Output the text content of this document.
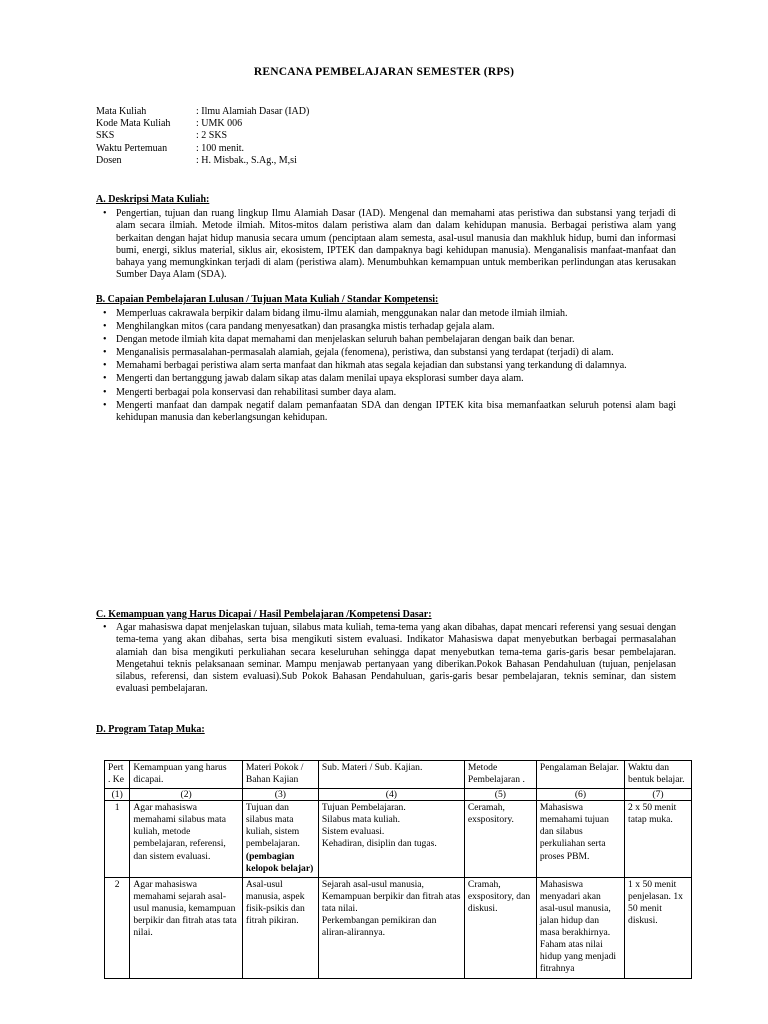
RENCANA PEMBELAJARAN SEMESTER (RPS)
Mata Kuliah	: Ilmu Alamiah Dasar (IAD)
Kode Mata Kuliah	: UMK 006
SKS	: 2 SKS
Waktu Pertemuan	: 100 menit.
Dosen	: H. Misbak., S.Ag., M,si
A. Deskripsi Mata Kuliah:
• Pengertian, tujuan dan ruang lingkup Ilmu Alamiah Dasar (IAD). Mengenal dan memahami atas peristiwa dan substansi yang terjadi di alam secara ilmiah. Metode ilmiah. Mitos-mitos dalam peristiwa alam dan dalam kehidupan manusia. Berbagai peristiwa alam yang berkaitan dengan hajat hidup manusia secara umum (penciptaan alam semesta, asal-usul manusia dan makhluk hidup, bumi dan informasi bumi, energi, siklus material, siklus air, ekosistem, IPTEK dan dampaknya bagi kehidupan manusia). Menganalisis manfaat-manfaat dan bahaya yang memungkinkan terjadi di alam (peristiwa alam). Menumbuhkan kemampuan untuk memberikan perlindungan atas kerusakan Sumber Daya Alam (SDA).
B. Capaian Pembelajaran Lulusan / Tujuan Mata Kuliah / Standar Kompetensi:
• Memperluas cakrawala berpikir dalam bidang ilmu-ilmu alamiah, menggunakan nalar dan metode ilmiah ilmiah.
• Menghilangkan mitos (cara pandang menyesatkan) dan prasangka mistis terhadap gejala alam.
• Dengan metode ilmiah kita dapat memahami dan menjelaskan seluruh bahan pembelajaran dengan baik dan benar.
• Menganalisis permasalahan-permasalah alamiah, gejala (fenomena), peristiwa, dan substansi yang terdapat (terjadi) di alam.
• Memahami berbagai peristiwa alam serta manfaat dan hikmah atas segala kejadian dan substansi yang terkandung di dalamnya.
• Mengerti dan bertanggung jawab dalam sikap atas dalam menilai upaya eksplorasi sumber daya alam.
• Mengerti berbagai pola konservasi dan rehabilitasi sumber daya alam.
• Mengerti manfaat dan dampak negatif dalam pemanfaatan SDA dan dengan IPTEK kita bisa memanfaatkan seluruh potensi alam bagi kehidupan manusia dan keberlangsungan kehidupan.
C. Kemampuan yang Harus Dicapai / Hasil Pembelajaran /Kompetensi Dasar:
• Agar mahasiswa dapat menjelaskan tujuan, silabus mata kuliah, tema-tema yang akan dibahas, dapat mencari referensi yang sesuai dengan tema-tema yang akan dibahas, serta bisa mengikuti sistem evaluasi. Indikator Mahasiswa dapat menyebutkan berbagai permasalahan alamiah dan bisa mengikuti perkuliahan secara keseluruhan sehingga dapat menyebutkan tema-tema garis-garis besar pembelajaran. Mengetahui teknis pelaksanaan seminar. Mampu menjawab pertanyaan yang diberikan.Pokok Bahasan Pendahuluan (tujuan, penjelasan silabus, referensi, dan sistem evaluasi).Sub Pokok Bahasan Pendahuluan, garis-garis besar pembelajaran, teknis seminar, dan sistem evaluasi pembelajaran.
D. Program Tatap Muka:
Pert . Ke	Kemampuan yang harus dicapai.	Materi Pokok / Bahan Kajian	Sub. Materi / Sub. Kajian.	Metode Pembelajaran .	Pengalaman Belajar.	Waktu dan bentuk belajar.
(1)	(2)	(3)	(4)	(5)	(6)	(7)
1	Agar mahasiswa memahami silabus mata kuliah, metode pembelajaran, referensi, dan sistem evaluasi.	Tujuan dan silabus mata kuliah, sistem pembelajaran. (pembagian kelopok belajar)	Tujuan Pembelajaran.
Silabus mata kuliah.
Sistem evaluasi.
Kehadiran, disiplin dan tugas.	Ceramah, exspository.	Mahasiswa memahami tujuan dan silabus perkuliahan serta proses PBM.	2 x 50 menit tatap muka.
2	Agar mahasiswa memahami sejarah asal-usul manusia, kemampuan berpikir dan fitrah atas tata nilai.	Asal-usul manusia, aspek fisik-psikis dan fitrah pikiran.	Sejarah asal-usul manusia, Kemampuan berpikir dan fitrah atas tata nilai.
Perkembangan pemikiran dan aliran-alirannya.	Cramah, exspository, dan diskusi.	Mahasiswa menyadari akan asal-usul manusia, jalan hidup dan masa berakhirnya. Faham atas nilai hidup yang menjadi fitrahnya	1 x 50 menit penjelasan. 1x 50 menit diskusi.
